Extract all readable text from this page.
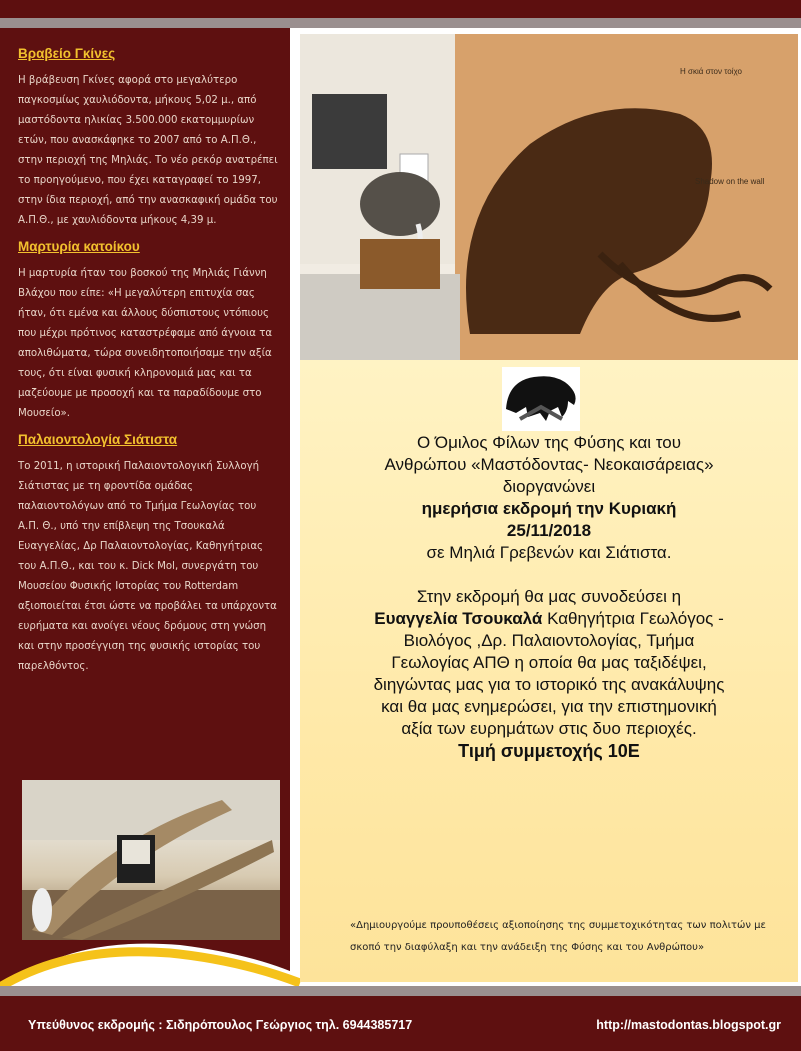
Βραβείο Γκίνες

Η βράβευση Γκίνες αφορά στο μεγαλύτερο παγκοσμίως χαυλιόδοντα, μήκους 5,02 μ., από μαστόδοντα ηλικίας 3.500.000 εκατομμυρίων ετών, που ανασκάφηκε το 2007 από το Α.Π.Θ., στην περιοχή της Μηλιάς. Το νέο ρεκόρ ανατρέπει το προηγούμενο, που έχει καταγραφεί το 1997, στην ίδια περιοχή, από την ανασκαφική ομάδα του Α.Π.Θ., με χαυλιόδοντα μήκους 4,39 μ.

Μαρτυρία κατοίκου

Η μαρτυρία ήταν του βοσκού της Μηλιάς Γιάννη Βλάχου που είπε: «Η μεγαλύτερη επιτυχία σας ήταν, ότι εμένα και άλλους δύσπιστους ντόπιους που μέχρι πρότινος καταστρέφαμε από άγνοια τα απολιθώματα, τώρα συνειδητοποιήσαμε την αξία τους, ότι είναι φυσική κληρονομιά μας και τα μαζεύουμε με προσοχή και τα παραδίδουμε στο Μουσείο».

Παλαιοντολογία Σιάτιστα

Το 2011, η ιστορική Παλαιοντολογική Συλλογή Σιάτιστας με τη φροντίδα ομάδας παλαιοντολόγων από το Τμήμα Γεωλογίας του Α.Π. Θ., υπό την επίβλεψη της Τσουκαλά Ευαγγελίας, Δρ Παλαιοντολογίας, Καθηγήτριας του Α.Π.Θ., και του κ. Dick Mol, συνεργάτη του Μουσείου Φυσικής Ιστορίας του Rotterdam αξιοποιείται έτσι ώστε να προβάλει τα υπάρχοντα ευρήματα και ανοίγει νέους δρόμους στη γνώση και στην προσέγγιση της φυσικής ιστορίας του παρελθόντος.

Η σκιά στον τοίχο
Shadow on the wall

Ο Όμιλος Φίλων της Φύσης και του

Ανθρώπου «Μαστόδοντας- Νεοκαισάρειας»

διοργανώνει

ημερήσια εκδρομή την Κυριακή

25/11/2018

σε Μηλιά Γρεβενών και Σιάτιστα.

Στην εκδρομή θα μας συνοδεύσει η

Ευαγγελία Τσουκαλά Καθηγήτρια Γεωλόγος -

Βιολόγος ,Δρ. Παλαιοντολογίας, Τμήμα

Γεωλογίας ΑΠΘ η οποία θα μας ταξιδέψει,

διηγώντας μας για το ιστορικό της ανακάλυψης

και θα μας ενημερώσει, για την επιστημονική

αξία των ευρημάτων στις δυο περιοχές.

Τιμή συμμετοχής 10Ε

«Δημιουργούμε προυποθέσεις αξιοποίησης της συμμετοχικότητας των πολιτών με σκοπό την διαφύλαξη και την ανάδειξη της Φύσης και του Ανθρώπου»
Υπεύθυνος εκδρομής : Σιδηρόπουλος Γεώργιος τηλ. 6944385717	http://mastodontas.blogspot.gr
